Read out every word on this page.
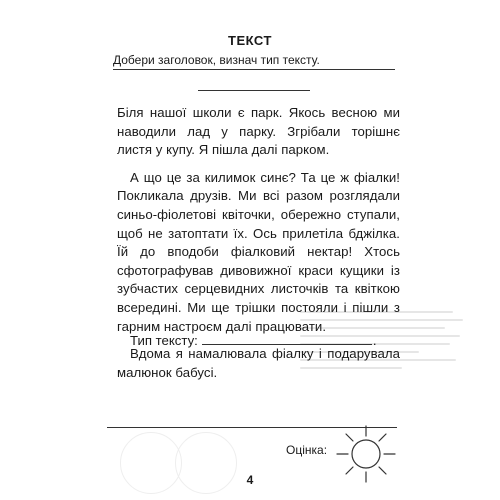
ТЕКСТ
Добери заголовок, визнач тип тексту.

Біля нашої школи є парк. Якось весною ми наводили лад у парку. Згрібали торішнє листя у купу. Я пішла далі парком.

А що це за килимок синє? Та це ж фіалки! Покликала друзів. Ми всі разом розглядали синьо-фіолетові квіточки, обережно ступали, щоб не затоптати їх. Ось прилетіла бджілка. Їй до вподоби фіалковий нектар! Хтось сфотографував дивовижної краси кущики із зубчастих серцевидних листочків та квіткою всередині. Ми ще трішки постояли і пішли з гарним настроєм далі працювати.

Вдома я намалювала фіалку і подарувала малюнок бабусі.

Тип тексту:	.
Оцінка:
4
